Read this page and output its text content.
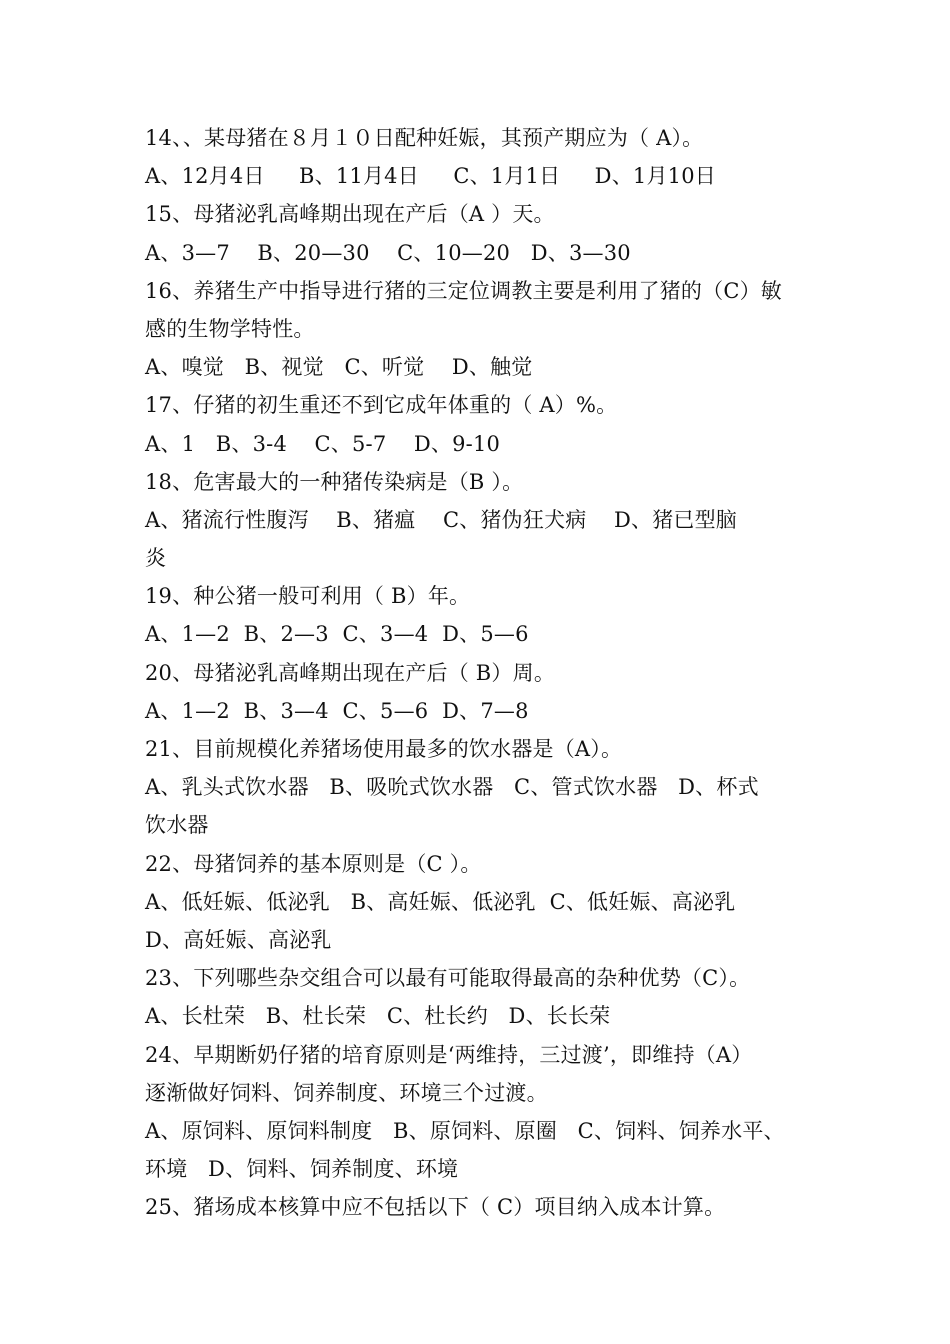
14、、某母猪在８月１０日配种妊娠，其预产期应为（ A）。
A、12月4日     B、11月4日     C、1月1日     D、1月10日
15、母猪泌乳高峰期出现在产后（A ）天。
A、3—7    B、20—30    C、10—20   D、3—30
16、养猪生产中指导进行猪的三定位调教主要是利用了猪的（C）敏
感的生物学特性。
A、嗅觉   B、视觉   C、听觉    D、触觉
17、仔猪的初生重还不到它成年体重的（ A）%。
A、1   B、3-4    C、5-7    D、9-10
18、危害最大的一种猪传染病是（B ）。
A、猪流行性腹泻    B、猪瘟    C、猪伪狂犬病    D、猪已型脑
炎
19、种公猪一般可利用（ B）年。
A、1—2  B、2—3  C、3—4  D、5—6
20、母猪泌乳高峰期出现在产后（ B）周。
A、1—2  B、3—4  C、5—6  D、7—8
21、目前规模化养猪场使用最多的饮水器是（A）。
A、乳头式饮水器   B、吸吮式饮水器   C、管式饮水器   D、杯式
饮水器
22、母猪饲养的基本原则是（C ）。
A、低妊娠、低泌乳   B、高妊娠、低泌乳  C、低妊娠、高泌乳
D、高妊娠、高泌乳
23、下列哪些杂交组合可以最有可能取得最高的杂种优势（C）。
A、长杜荣   B、杜长荣   C、杜长约   D、长长荣
24、早期断奶仔猪的培育原则是‘两维持，三过渡’，即维持（A）
逐渐做好饲料、饲养制度、环境三个过渡。
A、原饲料、原饲料制度   B、原饲料、原圈   C、饲料、饲养水平、
环境   D、饲料、饲养制度、环境
25、猪场成本核算中应不包括以下（ C）项目纳入成本计算。
